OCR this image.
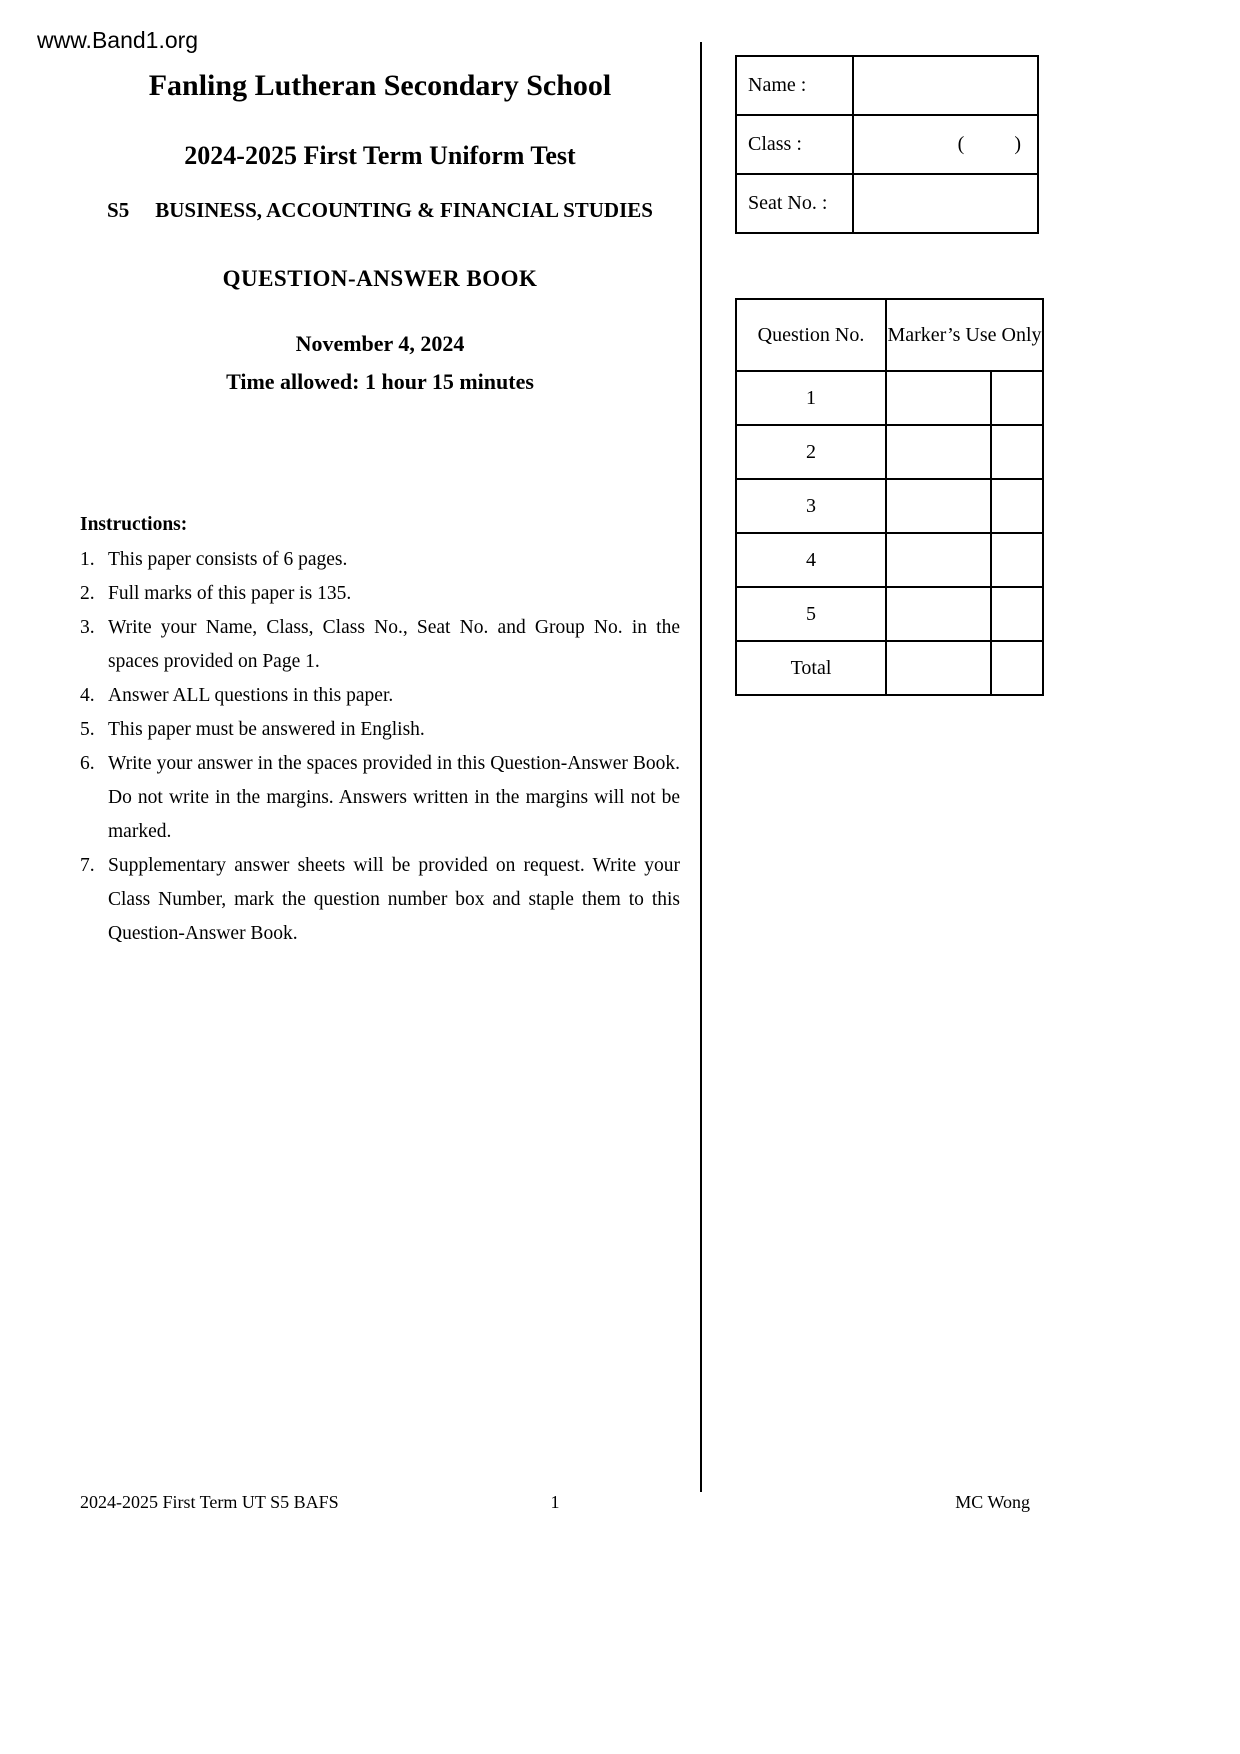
www.Band1.org
Fanling Lutheran Secondary School
2024-2025 First Term Uniform Test
S5 BUSINESS, ACCOUNTING & FINANCIAL STUDIES
QUESTION-ANSWER BOOK
November 4, 2024
Time allowed: 1 hour 15 minutes
Instructions:
1. This paper consists of 6 pages.
2. Full marks of this paper is 135.
3. Write your Name, Class, Class No., Seat No. and Group No. in the spaces provided on Page 1.
4. Answer ALL questions in this paper.
5. This paper must be answered in English.
6. Write your answer in the spaces provided in this Question-Answer Book. Do not write in the margins. Answers written in the margins will not be marked.
7. Supplementary answer sheets will be provided on request. Write your Class Number, mark the question number box and staple them to this Question-Answer Book.
Name :	
Class :	(          )
Seat No. :	
Question No.	Marker’s Use Only	
1		
2		
3		
4		
5		
Total		
2024-2025 First Term UT S5 BAFS	1	MC Wong
